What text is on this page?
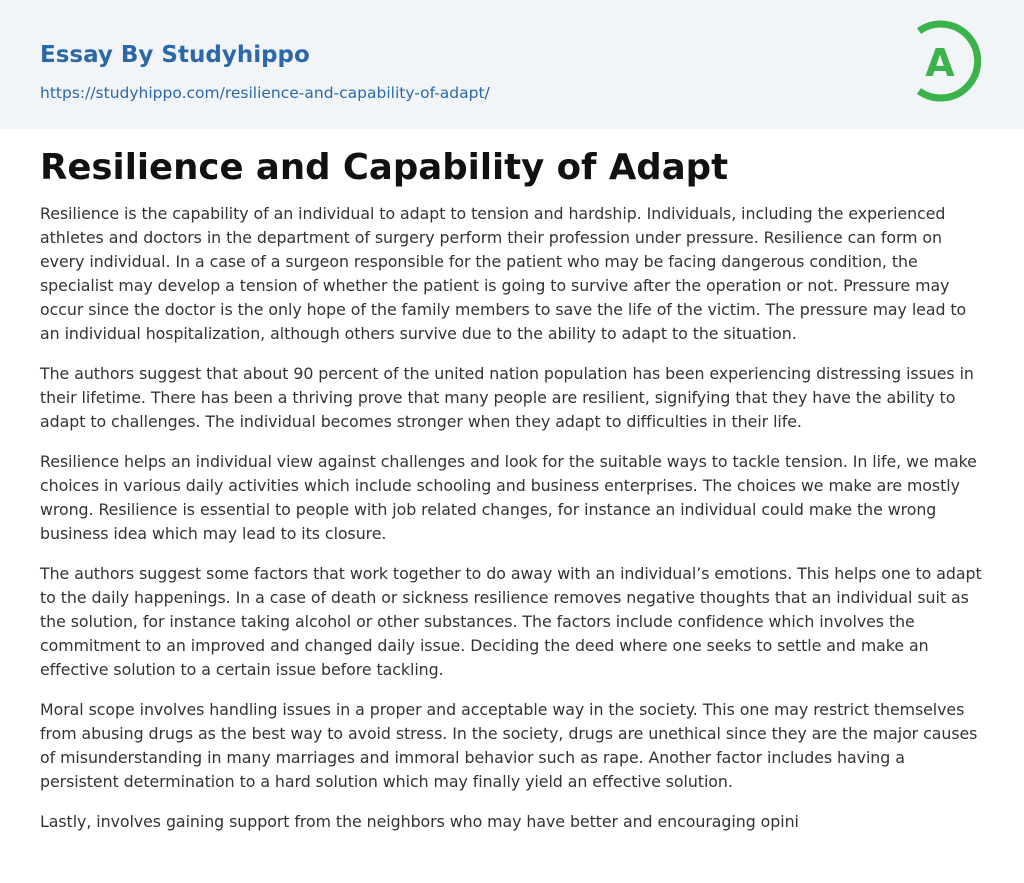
Essay By Studyhippo
https://studyhippo.com/resilience-and-capability-of-adapt/
A
Resilience and Capability of Adapt

Resilience is the capability of an individual to adapt to tension and hardship. Individuals, including the experienced athletes and doctors in the department of surgery perform their profession under pressure. Resilience can form on every individual. In a case of a surgeon responsible for the patient who may be facing dangerous condition, the specialist may develop a tension of whether the patient is going to survive after the operation or not. Pressure may occur since the doctor is the only hope of the family members to save the life of the victim. The pressure may lead to an individual hospitalization, although others survive due to the ability to adapt to the situation.

The authors suggest that about 90 percent of the united nation population has been experiencing distressing issues in their lifetime. There has been a thriving prove that many people are resilient, signifying that they have the ability to adapt to challenges. The individual becomes stronger when they adapt to difficulties in their life.

Resilience helps an individual view against challenges and look for the suitable ways to tackle tension. In life, we make choices in various daily activities which include schooling and business enterprises. The choices we make are mostly wrong. Resilience is essential to people with job related changes, for instance an individual could make the wrong business idea which may lead to its closure.

The authors suggest some factors that work together to do away with an individual’s emotions. This helps one to adapt to the daily happenings. In a case of death or sickness resilience removes negative thoughts that an individual suit as the solution, for instance taking alcohol or other substances. The factors include confidence which involves the commitment to an improved and changed daily issue. Deciding the deed where one seeks to settle and make an effective solution to a certain issue before tackling.

Moral scope involves handling issues in a proper and acceptable way in the society. This one may restrict themselves from abusing drugs as the best way to avoid stress. In the society, drugs are unethical since they are the major causes of misunderstanding in many marriages and immoral behavior such as rape. Another factor includes having a persistent determination to a hard solution which may finally yield an effective solution.

Lastly, involves gaining support from the neighbors who may have better and encouraging opini
